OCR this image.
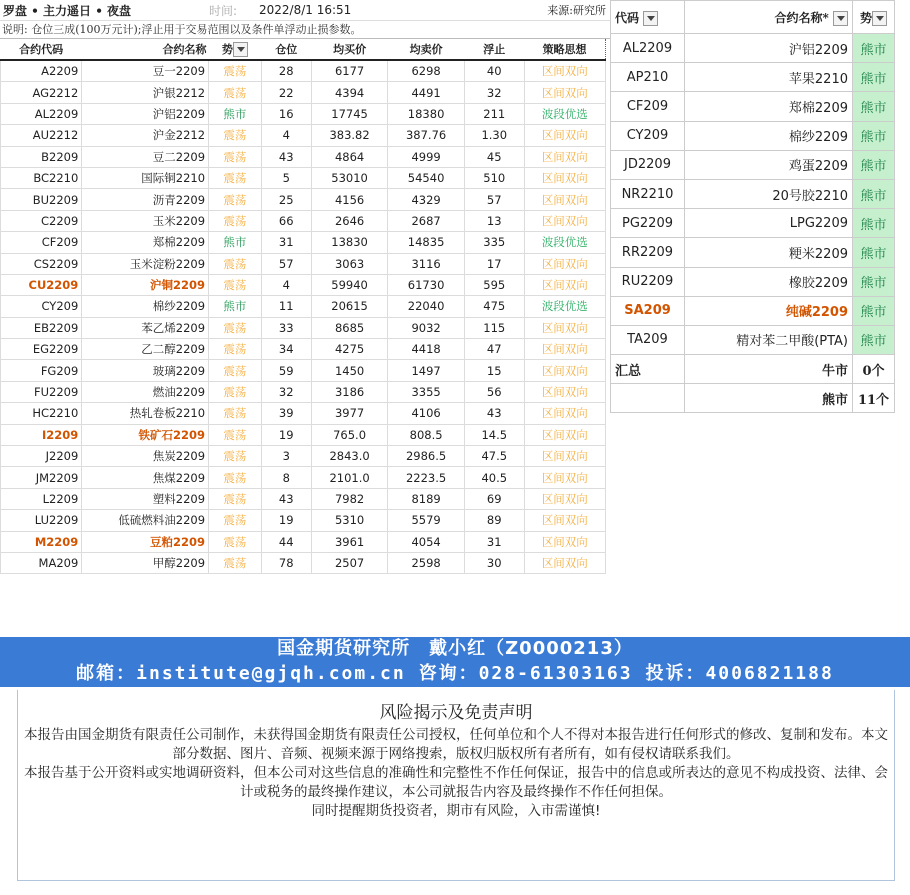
罗盘 • 主力遥日 • 夜盘	时间:	2022/8/1 16:51	来源:研究所
说明: 仓位三成(100万元计);浮止用于交易范围以及条件单浮动止损参数。
合约代码	合约名称	势	仓位	均买价	均卖价	浮止	策略思想
A2209	豆一2209	震荡	28	6177	6298	40	区间双向
AG2212	沪银2212	震荡	22	4394	4491	32	区间双向
AL2209	沪铝2209	熊市	16	17745	18380	211	波段优选
AU2212	沪金2212	震荡	4	383.82	387.76	1.30	区间双向
B2209	豆二2209	震荡	43	4864	4999	45	区间双向
BC2210	国际铜2210	震荡	5	53010	54540	510	区间双向
BU2209	沥青2209	震荡	25	4156	4329	57	区间双向
C2209	玉米2209	震荡	66	2646	2687	13	区间双向
CF209	郑棉2209	熊市	31	13830	14835	335	波段优选
CS2209	玉米淀粉2209	震荡	57	3063	3116	17	区间双向
CU2209	沪铜2209	震荡	4	59940	61730	595	区间双向
CY209	棉纱2209	熊市	11	20615	22040	475	波段优选
EB2209	苯乙烯2209	震荡	33	8685	9032	115	区间双向
EG2209	乙二醇2209	震荡	34	4275	4418	47	区间双向
FG209	玻璃2209	震荡	59	1450	1497	15	区间双向
FU2209	燃油2209	震荡	32	3186	3355	56	区间双向
HC2210	热轧卷板2210	震荡	39	3977	4106	43	区间双向
I2209	铁矿石2209	震荡	19	765.0	808.5	14.5	区间双向
J2209	焦炭2209	震荡	3	2843.0	2986.5	47.5	区间双向
JM2209	焦煤2209	震荡	8	2101.0	2223.5	40.5	区间双向
L2209	塑料2209	震荡	43	7982	8189	69	区间双向
LU2209	低硫燃料油2209	震荡	19	5310	5579	89	区间双向
M2209	豆粕2209	震荡	44	3961	4054	31	区间双向
MA209	甲醇2209	震荡	78	2507	2598	30	区间双向
代码	合约名称*	势
AL2209	沪铝2209	熊市
AP210	苹果2210	熊市
CF209	郑棉2209	熊市
CY209	棉纱2209	熊市
JD2209	鸡蛋2209	熊市
NR2210	20号胶2210	熊市
PG2209	LPG2209	熊市
RR2209	粳米2209	熊市
RU2209	橡胶2209	熊市
SA209	纯碱2209	熊市
TA209	精对苯二甲酸(PTA)	熊市
汇总	牛市	0个
	熊市	11个
国金期货研究所　戴小红（Z0000213）
邮箱：institute@gjqh.com.cn 咨询：028-61303163 投诉：4006821188
风险揭示及免责声明

本报告由国金期货有限责任公司制作，未获得国金期货有限责任公司授权，任何单位和个人不得对本报告进行任何形式的修改、复制和发布。本文部分数据、图片、音频、视频来源于网络搜索，版权归版权所有者所有，如有侵权请联系我们。

本报告基于公开资料或实地调研资料，但本公司对这些信息的准确性和完整性不作任何保证，报告中的信息或所表达的意见不构成投资、法律、会计或税务的最终操作建议，本公司就报告内容及最终操作不作任何担保。

同时提醒期货投资者，期市有风险，入市需谨慎!
